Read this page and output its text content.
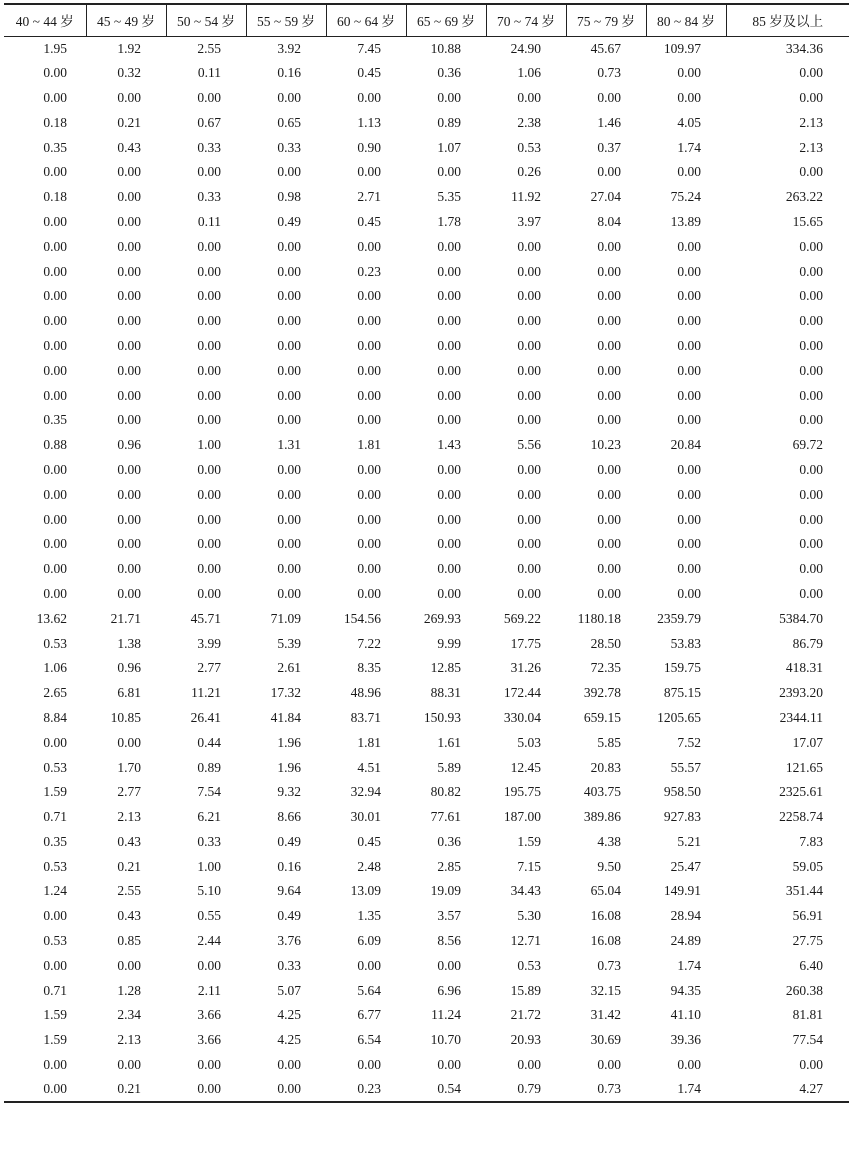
40 ~ 44 岁	45 ~ 49 岁	50 ~ 54 岁	55 ~ 59 岁	60 ~ 64 岁	65 ~ 69 岁	70 ~ 74 岁	75 ~ 79 岁	80 ~ 84 岁	85 岁及以上
1.95	1.92	2.55	3.92	7.45	10.88	24.90	45.67	109.97	334.36
0.00	0.32	0.11	0.16	0.45	0.36	1.06	0.73	0.00	0.00
0.00	0.00	0.00	0.00	0.00	0.00	0.00	0.00	0.00	0.00
0.18	0.21	0.67	0.65	1.13	0.89	2.38	1.46	4.05	2.13
0.35	0.43	0.33	0.33	0.90	1.07	0.53	0.37	1.74	2.13
0.00	0.00	0.00	0.00	0.00	0.00	0.26	0.00	0.00	0.00
0.18	0.00	0.33	0.98	2.71	5.35	11.92	27.04	75.24	263.22
0.00	0.00	0.11	0.49	0.45	1.78	3.97	8.04	13.89	15.65
0.00	0.00	0.00	0.00	0.00	0.00	0.00	0.00	0.00	0.00
0.00	0.00	0.00	0.00	0.23	0.00	0.00	0.00	0.00	0.00
0.00	0.00	0.00	0.00	0.00	0.00	0.00	0.00	0.00	0.00
0.00	0.00	0.00	0.00	0.00	0.00	0.00	0.00	0.00	0.00
0.00	0.00	0.00	0.00	0.00	0.00	0.00	0.00	0.00	0.00
0.00	0.00	0.00	0.00	0.00	0.00	0.00	0.00	0.00	0.00
0.00	0.00	0.00	0.00	0.00	0.00	0.00	0.00	0.00	0.00
0.35	0.00	0.00	0.00	0.00	0.00	0.00	0.00	0.00	0.00
0.88	0.96	1.00	1.31	1.81	1.43	5.56	10.23	20.84	69.72
0.00	0.00	0.00	0.00	0.00	0.00	0.00	0.00	0.00	0.00
0.00	0.00	0.00	0.00	0.00	0.00	0.00	0.00	0.00	0.00
0.00	0.00	0.00	0.00	0.00	0.00	0.00	0.00	0.00	0.00
0.00	0.00	0.00	0.00	0.00	0.00	0.00	0.00	0.00	0.00
0.00	0.00	0.00	0.00	0.00	0.00	0.00	0.00	0.00	0.00
0.00	0.00	0.00	0.00	0.00	0.00	0.00	0.00	0.00	0.00
13.62	21.71	45.71	71.09	154.56	269.93	569.22	1180.18	2359.79	5384.70
0.53	1.38	3.99	5.39	7.22	9.99	17.75	28.50	53.83	86.79
1.06	0.96	2.77	2.61	8.35	12.85	31.26	72.35	159.75	418.31
2.65	6.81	11.21	17.32	48.96	88.31	172.44	392.78	875.15	2393.20
8.84	10.85	26.41	41.84	83.71	150.93	330.04	659.15	1205.65	2344.11
0.00	0.00	0.44	1.96	1.81	1.61	5.03	5.85	7.52	17.07
0.53	1.70	0.89	1.96	4.51	5.89	12.45	20.83	55.57	121.65
1.59	2.77	7.54	9.32	32.94	80.82	195.75	403.75	958.50	2325.61
0.71	2.13	6.21	8.66	30.01	77.61	187.00	389.86	927.83	2258.74
0.35	0.43	0.33	0.49	0.45	0.36	1.59	4.38	5.21	7.83
0.53	0.21	1.00	0.16	2.48	2.85	7.15	9.50	25.47	59.05
1.24	2.55	5.10	9.64	13.09	19.09	34.43	65.04	149.91	351.44
0.00	0.43	0.55	0.49	1.35	3.57	5.30	16.08	28.94	56.91
0.53	0.85	2.44	3.76	6.09	8.56	12.71	16.08	24.89	27.75
0.00	0.00	0.00	0.33	0.00	0.00	0.53	0.73	1.74	6.40
0.71	1.28	2.11	5.07	5.64	6.96	15.89	32.15	94.35	260.38
1.59	2.34	3.66	4.25	6.77	11.24	21.72	31.42	41.10	81.81
1.59	2.13	3.66	4.25	6.54	10.70	20.93	30.69	39.36	77.54
0.00	0.00	0.00	0.00	0.00	0.00	0.00	0.00	0.00	0.00
0.00	0.21	0.00	0.00	0.23	0.54	0.79	0.73	1.74	4.27
